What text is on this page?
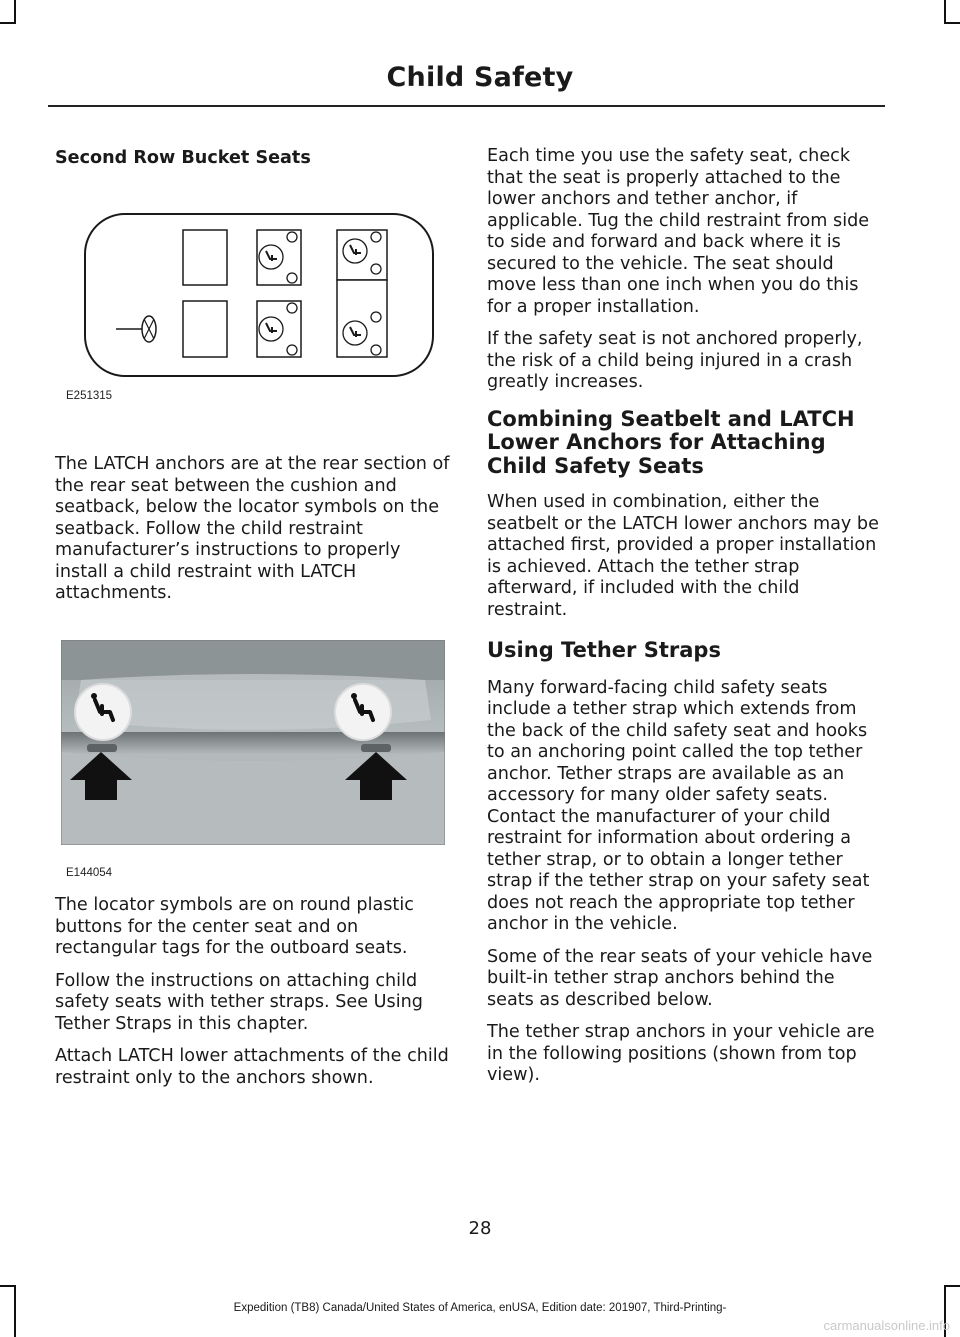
Child Safety

Second Row Bucket Seats

E251315

The LATCH anchors are at the rear section of the rear seat between the cushion and seatback, below the locator symbols on the seatback. Follow the child restraint manufacturer’s instructions to properly install a child restraint with LATCH attachments.

E144054

The locator symbols are on round plastic buttons for the center seat and on rectangular tags for the outboard seats.

Follow the instructions on attaching child safety seats with tether straps. See Using Tether Straps in this chapter.

Attach LATCH lower attachments of the child restraint only to the anchors shown.

Each time you use the safety seat, check that the seat is properly attached to the lower anchors and tether anchor, if applicable. Tug the child restraint from side to side and forward and back where it is secured to the vehicle. The seat should move less than one inch when you do this for a proper installation.

If the safety seat is not anchored properly, the risk of a child being injured in a crash greatly increases.

Combining Seatbelt and LATCH Lower Anchors for Attaching Child Safety Seats

When used in combination, either the seatbelt or the LATCH lower anchors may be attached first, provided a proper installation is achieved. Attach the tether strap afterward, if included with the child restraint.

Using Tether Straps

Many forward-facing child safety seats include a tether strap which extends from the back of the child safety seat and hooks to an anchoring point called the top tether anchor. Tether straps are available as an accessory for many older safety seats. Contact the manufacturer of your child restraint for information about ordering a tether strap, or to obtain a longer tether strap if the tether strap on your safety seat does not reach the appropriate top tether anchor in the vehicle.

Some of the rear seats of your vehicle have built-in tether strap anchors behind the seats as described below.

The tether strap anchors in your vehicle are in the following positions (shown from top view).

28
Expedition (TB8) Canada/United States of America, enUSA, Edition date: 201907, Third-Printing-
carmanualsonline.info
